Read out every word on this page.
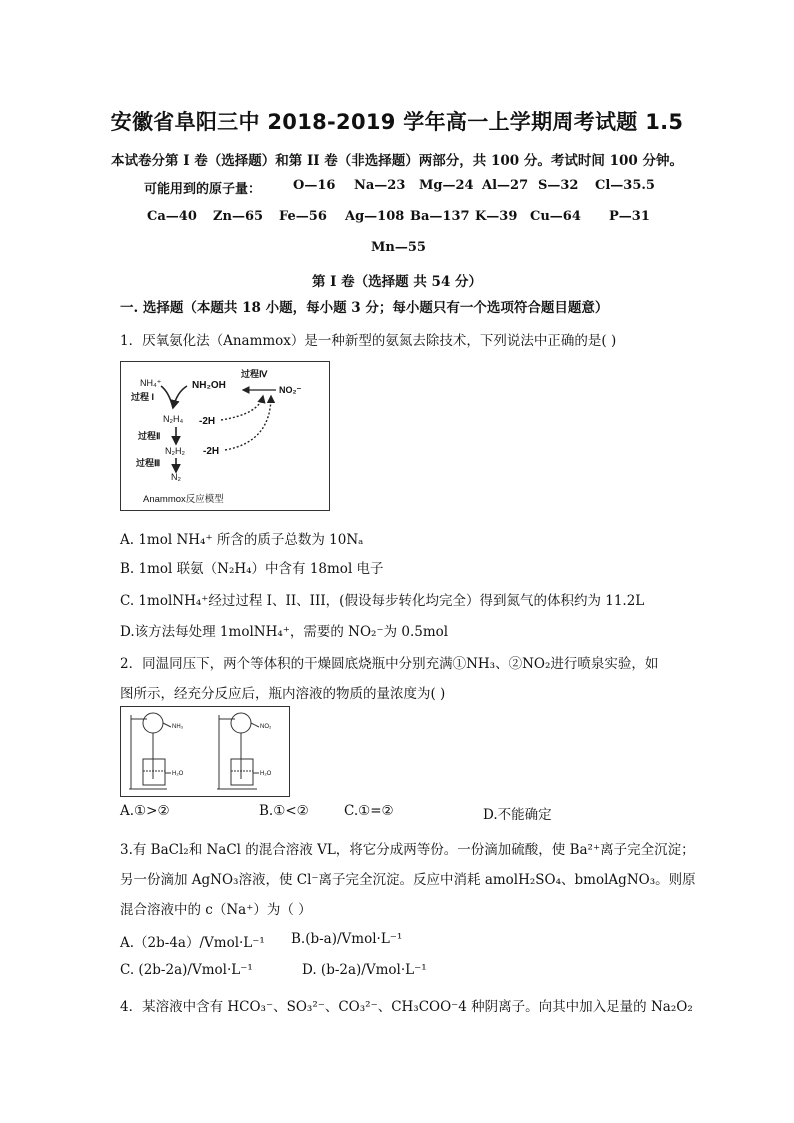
安徽省阜阳三中 2018-2019 学年高一上学期周考试题 1.5
本试卷分第 I 卷（选择题）和第 II 卷（非选择题）两部分，共 100 分。考试时间 100 分钟。
可能用到的原子量： O—16 Na—23 Mg—24 Al—27 S—32 Cl—35.5
Ca—40 Zn—65 Fe—56 Ag—108 Ba—137 K—39 Cu—64 P—31
Mn—55
第 I 卷（选择题 共 54 分）
一. 选择题（本题共 18 小题，每小题 3 分；每小题只有一个选项符合题目题意）
1．厌氧氨化法（Anammox）是一种新型的氨氮去除技术，下列说法中正确的是( )
NH₄⁺	NH₂OH	NO₂⁻
过程Ⅳ
过程 I
N₂H₄ -2H
过程Ⅱ
N₂H₂ -2H
过程Ⅲ
N₂
Anammox反应模型
A. 1mol NH₄⁺ 所含的质子总数为 10Nₐ
B. 1mol 联氨（N₂H₄）中含有 18mol 电子
C. 1molNH₄⁺经过过程 I、II、III，(假设每步转化均完全）得到氮气的体积约为 11.2L
D.该方法每处理 1molNH₄⁺，需要的 NO₂⁻为 0.5mol
2．同温同压下，两个等体积的干燥圆底烧瓶中分别充满①NH₃、②NO₂进行喷泉实验，如
图所示，经充分反应后，瓶内溶液的物质的量浓度为( )
NH₃
H₂O
NO₂
H₂O
A.①>②	B.①<②	C.①=②	D.不能确定
3.有 BaCl₂和 NaCl 的混合溶液 VL，将它分成两等份。一份滴加硫酸，使 Ba²⁺离子完全沉淀；
另一份滴加 AgNO₃溶液，使 Cl⁻离子完全沉淀。反应中消耗 amolH₂SO₄、bmolAgNO₃。则原
混合溶液中的 c（Na⁺）为（ ）
A.（2b-4a）/Vmol·L⁻¹ B.(b-a)/Vmol·L⁻¹
C. (2b-2a)/Vmol·L⁻¹	D. (b-2a)/Vmol·L⁻¹
4．某溶液中含有 HCO₃⁻、SO₃²⁻、CO₃²⁻、CH₃COO⁻4 种阴离子。向其中加入足量的 Na₂O₂
